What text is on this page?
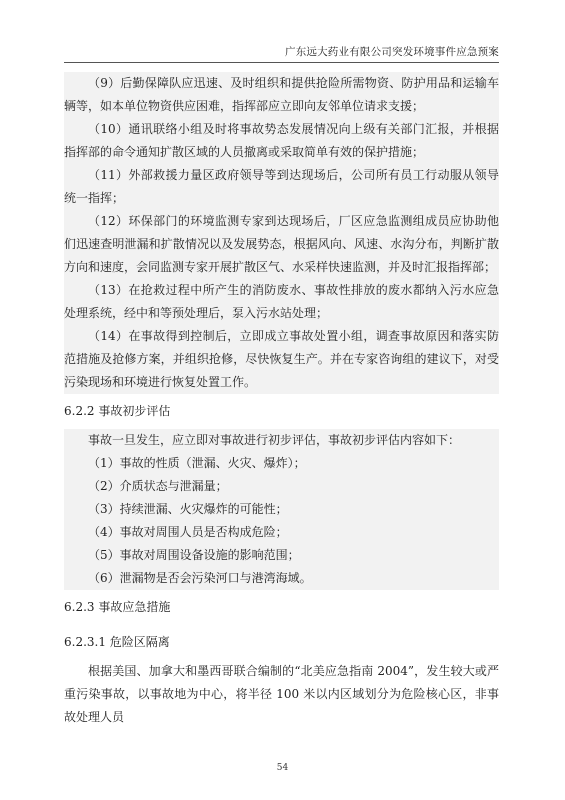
广东远大药业有限公司突发环境事件应急预案

（9）后勤保障队应迅速、及时组织和提供抢险所需物资、防护用品和运输车辆等，如本单位物资供应困难，指挥部应立即向友邻单位请求支援；

（10）通讯联络小组及时将事故势态发展情况向上级有关部门汇报，并根据指挥部的命令通知扩散区域的人员撤离或采取简单有效的保护措施；

（11）外部救援力量区政府领导等到达现场后，公司所有员工行动服从领导统一指挥；

（12）环保部门的环境监测专家到达现场后，厂区应急监测组成员应协助他们迅速查明泄漏和扩散情况以及发展势态，根据风向、风速、水沟分布，判断扩散方向和速度，会同监测专家开展扩散区气、水采样快速监测，并及时汇报指挥部；

（13）在抢救过程中所产生的消防废水、事故性排放的废水都纳入污水应急处理系统，经中和等预处理后，泵入污水站处理；

（14）在事故得到控制后，立即成立事故处置小组，调查事故原因和落实防范措施及抢修方案，并组织抢修，尽快恢复生产。并在专家咨询组的建议下，对受污染现场和环境进行恢复处置工作。

6.2.2 事故初步评估

事故一旦发生，应立即对事故进行初步评估，事故初步评估内容如下：

（1）事故的性质（泄漏、火灾、爆炸）；

（2）介质状态与泄漏量；

（3）持续泄漏、火灾爆炸的可能性；

（4）事故对周围人员是否构成危险；

（5）事故对周围设备设施的影响范围；

（6）泄漏物是否会污染河口与港湾海域。

6.2.3 事故应急措施

6.2.3.1 危险区隔离

根据美国、加拿大和墨西哥联合编制的“北美应急指南 2004”，发生较大或严重污染事故，以事故地为中心，将半径 100 米以内区域划分为危险核心区，非事故处理人员

54
